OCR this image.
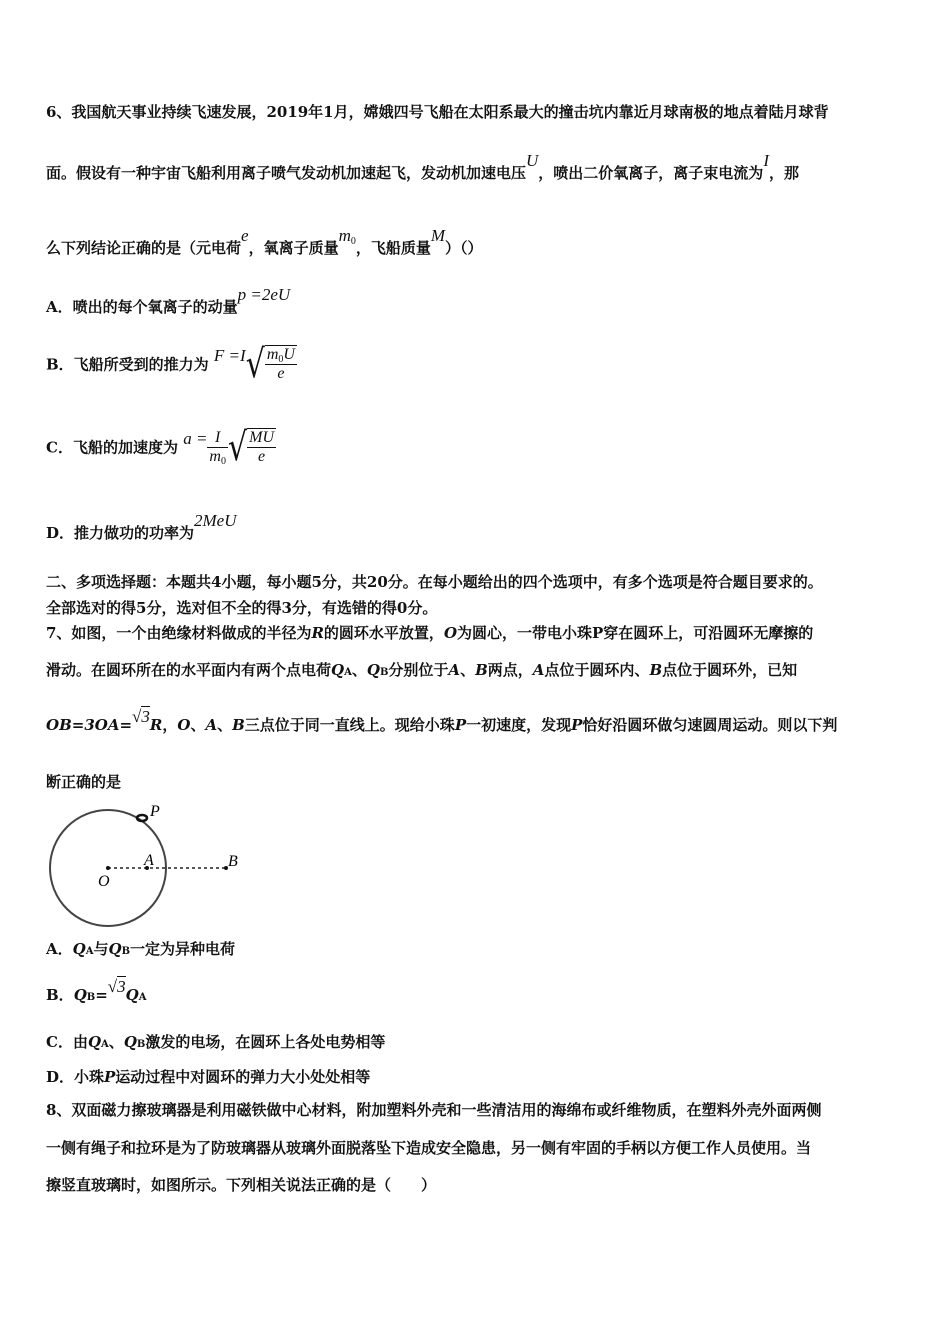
6、我国航天事业持续飞速发展，2019年1月，嫦娥四号飞船在太阳系最大的撞击坑内靠近月球南极的地点着陆月球背
面。假设有一种宇宙飞船利用离子喷气发动机加速起飞，发动机加速电压U，喷出二价氧离子，离子束电流为I，那
么下列结论正确的是（元电荷e，氧离子质量m0，飞船质量M）（）
A．喷出的每个氧离子的动量p =2eU
B．飞船所受到的推力为 $F =I√ \frac{m0U}{e}$
C．飞船的加速度为 $a = \frac{I}{m0}$ √ $\frac{MU}{e}$
D．推力做功的功率为2MeU
二、多项选择题：本题共4小题，每小题5分，共20分。在每小题给出的四个选项中，有多个选项是符合题目要求的。
全部选对的得5分，选对但不全的得3分，有选错的得0分。
7、如图，一个由绝缘材料做成的半径为R的圆环水平放置，O为圆心，一带电小珠P穿在圆环上，可沿圆环无摩擦的
滑动。在圆环所在的水平面内有两个点电荷QA、QB分别位于A、B两点，A点位于圆环内、B点位于圆环外，已知
OB=3OA=√3R，O、A、B三点位于同一直线上。现给小珠P一初速度，发现P恰好沿圆环做匀速圆周运动。则以下判
断正确的是
P
O
A	B
A．QA与QB一定为异种电荷
B．QB=√3QA
C．由QA、QB激发的电场，在圆环上各处电势相等
D．小珠P运动过程中对圆环的弹力大小处处相等
8、双面磁力擦玻璃器是利用磁铁做中心材料，附加塑料外壳和一些清洁用的海绵布或纤维物质，在塑料外壳外面两侧
一侧有绳子和拉环是为了防玻璃器从玻璃外面脱落坠下造成安全隐患，另一侧有牢固的手柄以方便工作人员使用。当
擦竖直玻璃时，如图所示。下列相关说法正确的是（　　）
